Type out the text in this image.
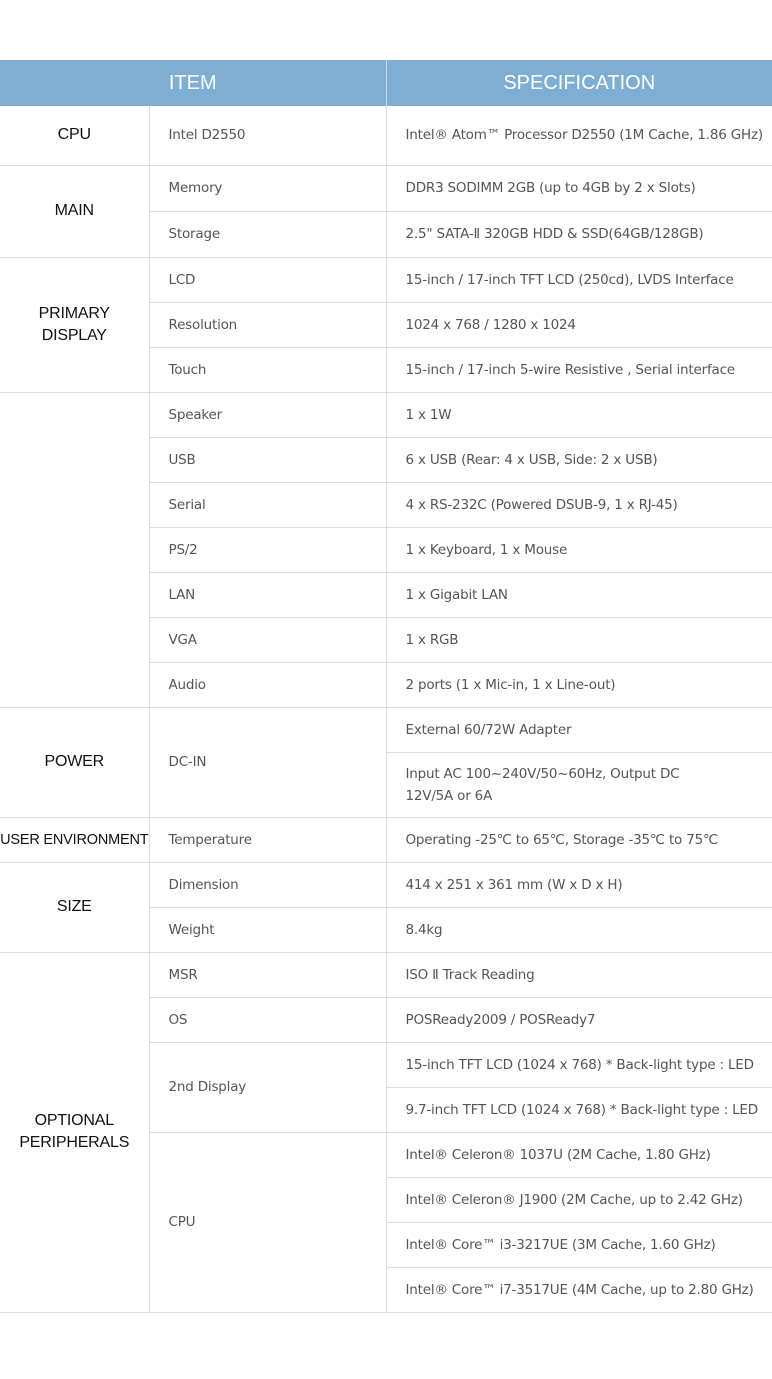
ITEM		SPECIFICATION
CPU	Intel D2550	Intel® Atom™ Processor D2550 (1M Cache, 1.86 GHz)
MAIN	Memory	DDR3 SODIMM 2GB (up to 4GB by 2 x Slots)
	Storage	2.5" SATA-Ⅱ 320GB HDD & SSD(64GB/128GB)
PRIMARY
DISPLAY	LCD	15-inch / 17-inch TFT LCD (250cd), LVDS Interface
	Resolution	1024 x 768 / 1280 x 1024
	Touch	15-inch / 17-inch 5-wire Resistive , Serial interface
	Speaker	1 x 1W
	USB	6 x USB (Rear: 4 x USB, Side: 2 x USB)
	Serial	4 x RS-232C (Powered DSUB-9, 1 x RJ-45)
	PS/2	1 x Keyboard, 1 x Mouse
	LAN	1 x Gigabit LAN
	VGA	1 x RGB
	Audio	2 ports (1 x Mic-in, 1 x Line-out)
POWER	DC-IN	External 60/72W Adapter
		Input AC 100~240V/50~60Hz, Output DC
12V/5A or 6A
USER ENVIRONMENT	Temperature	Operating -25℃ to 65℃, Storage -35℃ to 75℃
SIZE	Dimension	414 x 251 x 361 mm (W x D x H)
	Weight	8.4kg
OPTIONAL
PERIPHERALS	MSR	ISO Ⅱ Track Reading
	OS	POSReady2009 / POSReady7
	2nd Display	15-inch TFT LCD (1024 x 768) * Back-light type : LED
		9.7-inch TFT LCD (1024 x 768) * Back-light type : LED
	CPU	Intel® Celeron® 1037U (2M Cache, 1.80 GHz)
		Intel® Celeron® J1900 (2M Cache, up to 2.42 GHz)
		Intel® Core™ i3-3217UE (3M Cache, 1.60 GHz)
		Intel® Core™ i7-3517UE (4M Cache, up to 2.80 GHz)
